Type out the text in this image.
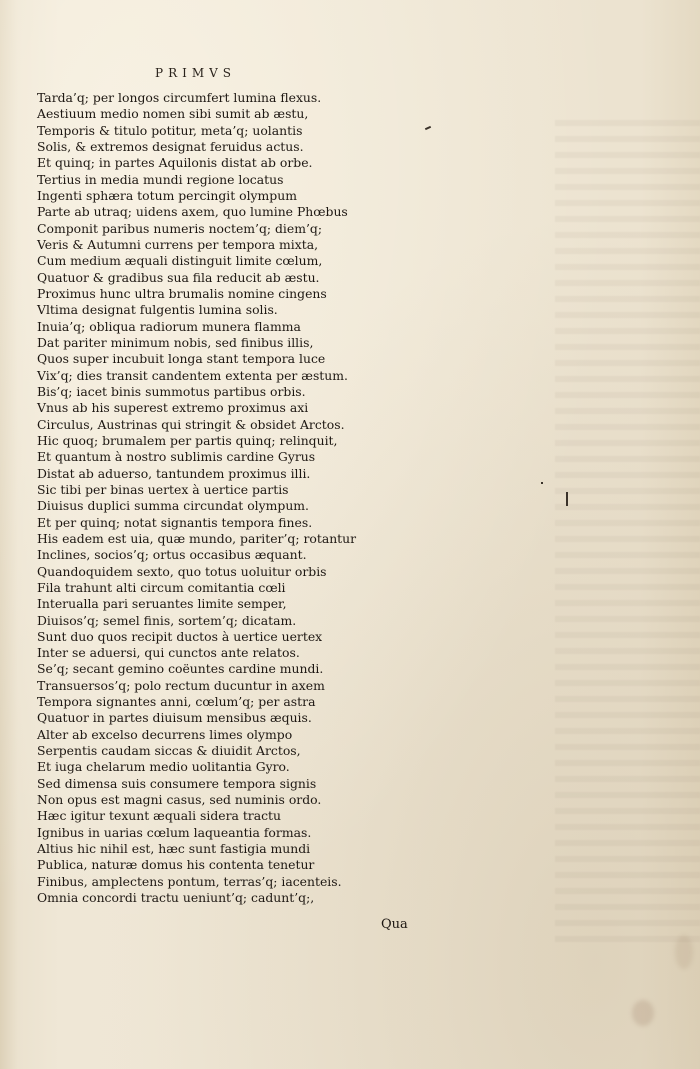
PRIMVS

Tarda’q; per longos circumfert lumina flexus.
Aestiuum medio nomen sibi sumit ab æstu,
Temporis & titulo potitur, meta’q; uolantis
Solis, & extremos designat feruidus actus.
Et quinq; in partes Aquilonis distat ab orbe.
Tertius in media mundi regione locatus
Ingenti sphæra totum percingit olympum
Parte ab utraq; uidens axem, quo lumine Phœbus
Componit paribus numeris noctem’q; diem’q;
Veris & Autumni currens per tempora mixta,
Cum medium æquali distinguit limite cœlum,
Quatuor & gradibus sua fila reducit ab æstu.
Proximus hunc ultra brumalis nomine cingens
Vltima designat fulgentis lumina solis.
Inuia’q; obliqua radiorum munera flamma
Dat pariter minimum nobis, sed finibus illis,
Quos super incubuit longa stant tempora luce
Vix’q; dies transit candentem extenta per æstum.
Bis’q; iacet binis summotus partibus orbis.
Vnus ab his superest extremo proximus axi
Circulus, Austrinas qui stringit & obsidet Arctos.
Hic quoq; brumalem per partis quinq; relinquit,
Et quantum à nostro sublimis cardine Gyrus
Distat ab aduerso, tantundem proximus illi.
Sic tibi per binas uertex à uertice partis
Diuisus duplici summa circundat olympum.
Et per quinq; notat signantis tempora fines.
His eadem est uia, quæ mundo, pariter’q; rotantur
Inclines, socios’q; ortus occasibus æquant.
Quandoquidem sexto, quo totus uoluitur orbis
Fila trahunt alti circum comitantia cœli
Interualla pari seruantes limite semper,
Diuisos’q; semel finis, sortem’q; dicatam.
Sunt duo quos recipit ductos à uertice uertex
Inter se aduersi, qui cunctos ante relatos.
Se’q; secant gemino coëuntes cardine mundi.
Transuersos’q; polo rectum ducuntur in axem
Tempora signantes anni, cœlum’q; per astra
Quatuor in partes diuisum mensibus æquis.
Alter ab excelso decurrens limes olympo
Serpentis caudam siccas & diuidit Arctos,
Et iuga chelarum medio uolitantia Gyro.
Sed dimensa suis consumere tempora signis
Non opus est magni casus, sed numinis ordo.
Hæc igitur texunt æquali sidera tractu
Ignibus in uarias cœlum laqueantia formas.
Altius hic nihil est, hæc sunt fastigia mundi
Publica, naturæ domus his contenta tenetur
Finibus, amplectens pontum, terras’q; iacenteis.
Omnia concordi tractu ueniunt’q; cadunt’q;,

Qua
